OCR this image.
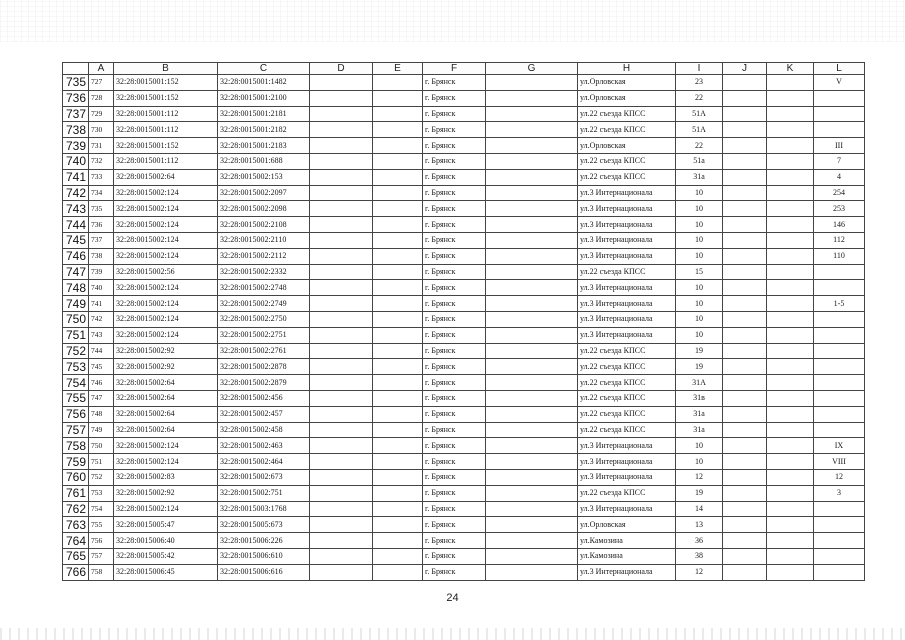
	A	B	C	D	E	F	G	H	I	J	K	L
735	727	32:28:0015001:152	32:28:0015001:1482			г. Брянск		ул.Орловская	23			V
736	728	32:28:0015001:152	32:28:0015001:2100			г. Брянск		ул.Орловская	22			
737	729	32:28:0015001:112	32:28:0015001:2181			г. Брянск		ул.22 съезда КПСС	51А			
738	730	32:28:0015001:112	32:28:0015001:2182			г. Брянск		ул.22 съезда КПСС	51А			
739	731	32:28:0015001:152	32:28:0015001:2183			г. Брянск		ул.Орловская	22			III
740	732	32:28:0015001:112	32:28:0015001:688			г. Брянск		ул.22 съезда КПСС	51а			7
741	733	32:28:0015002:64	32:28:0015002:153			г. Брянск		ул.22 съезда КПСС	31а			4
742	734	32:28:0015002:124	32:28:0015002:2097			г. Брянск		ул.3 Интернационала	10			254
743	735	32:28:0015002:124	32:28:0015002:2098			г. Брянск		ул.3 Интернационала	10			253
744	736	32:28:0015002:124	32:28:0015002:2108			г. Брянск		ул.3 Интернационала	10			146
745	737	32:28:0015002:124	32:28:0015002:2110			г. Брянск		ул.3 Интернационала	10			112
746	738	32:28:0015002:124	32:28:0015002:2112			г. Брянск		ул.3 Интернационала	10			110
747	739	32:28:0015002:56	32:28:0015002:2332			г. Брянск		ул.22 съезда КПСС	15			
748	740	32:28:0015002:124	32:28:0015002:2748			г. Брянск		ул.3 Интернационала	10			
749	741	32:28:0015002:124	32:28:0015002:2749			г. Брянск		ул.3 Интернационала	10			1-5
750	742	32:28:0015002:124	32:28:0015002:2750			г. Брянск		ул.3 Интернационала	10			
751	743	32:28:0015002:124	32:28:0015002:2751			г. Брянск		ул.3 Интернационала	10			
752	744	32:28:0015002:92	32:28:0015002:2761			г. Брянск		ул.22 съезда КПСС	19			
753	745	32:28:0015002:92	32:28:0015002:2878			г. Брянск		ул.22 съезда КПСС	19			
754	746	32:28:0015002:64	32:28:0015002:2879			г. Брянск		ул.22 съезда КПСС	31А			
755	747	32:28:0015002:64	32:28:0015002:456			г. Брянск		ул.22 съезда КПСС	31в			
756	748	32:28:0015002:64	32:28:0015002:457			г. Брянск		ул.22 съезда КПСС	31а			
757	749	32:28:0015002:64	32:28:0015002:458			г. Брянск		ул.22 съезда КПСС	31а			
758	750	32:28:0015002:124	32:28:0015002:463			г. Брянск		ул.3 Интернационала	10			IX
759	751	32:28:0015002:124	32:28:0015002:464			г. Брянск		ул.3 Интернационала	10			VIII
760	752	32:28:0015002:83	32:28:0015002:673			г. Брянск		ул.3 Интернационала	12			12
761	753	32:28:0015002:92	32:28:0015002:751			г. Брянск		ул.22 съезда КПСС	19			3
762	754	32:28:0015002:124	32:28:0015003:1768			г. Брянск		ул.3 Интернационала	14			
763	755	32:28:0015005:47	32:28:0015005:673			г. Брянск		ул.Орловская	13			
764	756	32:28:0015006:40	32:28:0015006:226			г. Брянск		ул.Камозина	36			
765	757	32:28:0015005:42	32:28:0015006:610			г. Брянск		ул.Камозина	38			
766	758	32:28:0015006:45	32:28:0015006:616			г. Брянск		ул.3 Интернационала	12			
24
